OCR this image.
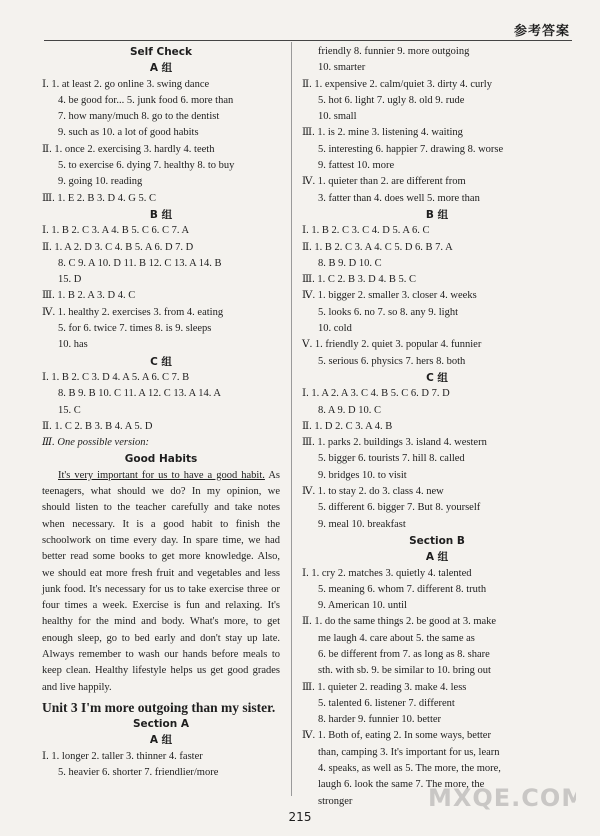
参考答案
Self Check
A 组
Ⅰ. 1. at least 2. go online 3. swing dance
4. be good for... 5. junk food 6. more than
7. how many/much 8. go to the dentist
9. such as 10. a lot of good habits
Ⅱ. 1. once 2. exercising 3. hardly 4. teeth
5. to exercise 6. dying 7. healthy 8. to buy
9. going 10. reading
Ⅲ. 1. E 2. B 3. D 4. G 5. C
B 组
Ⅰ. 1. B 2. C 3. A 4. B 5. C 6. C 7. A
Ⅱ. 1. A 2. D 3. C 4. B 5. A 6. D 7. D
8. C 9. A 10. D 11. B 12. C 13. A 14. B
15. D
Ⅲ. 1. B 2. A 3. D 4. C
Ⅳ. 1. healthy 2. exercises 3. from 4. eating
5. for 6. twice 7. times 8. is 9. sleeps
10. has
C 组
Ⅰ. 1. B 2. C 3. D 4. A 5. A 6. C 7. B
8. B 9. B 10. C 11. A 12. C 13. A 14. A
15. C
Ⅱ. 1. C 2. B 3. B 4. A 5. D
Ⅲ. One possible version:
Good Habits
It's very important for us to have a good habit. As teenagers, what should we do? In my opinion, we should listen to the teacher carefully and take notes when necessary. It is a good habit to finish the schoolwork on time every day. In spare time, we had better read some books to get more knowledge. Also, we should eat more fresh fruit and vegetables and less junk food. It's necessary for us to take exercise three or four times a week. Exercise is fun and relaxing. It's healthy for the mind and body. What's more, to get enough sleep, go to bed early and don't stay up late. Always remember to wash our hands before meals to keep clean. Healthy lifestyle helps us get good grades and live happily.
Unit 3 I'm more outgoing than my sister.
Section A
A 组
Ⅰ. 1. longer 2. taller 3. thinner 4. faster
5. heavier 6. shorter 7. friendlier/more
friendly 8. funnier 9. more outgoing
10. smarter
Ⅱ. 1. expensive 2. calm/quiet 3. dirty 4. curly
5. hot 6. light 7. ugly 8. old 9. rude
10. small
Ⅲ. 1. is 2. mine 3. listening 4. waiting
5. interesting 6. happier 7. drawing 8. worse
9. fattest 10. more
Ⅳ. 1. quieter than 2. are different from
3. fatter than 4. does well 5. more than
B 组
Ⅰ. 1. B 2. C 3. C 4. D 5. A 6. C
Ⅱ. 1. B 2. C 3. A 4. C 5. D 6. B 7. A
8. B 9. D 10. C
Ⅲ. 1. C 2. B 3. D 4. B 5. C
Ⅳ. 1. bigger 2. smaller 3. closer 4. weeks
5. looks 6. no 7. so 8. any 9. light
10. cold
Ⅴ. 1. friendly 2. quiet 3. popular 4. funnier
5. serious 6. physics 7. hers 8. both
C 组
Ⅰ. 1. A 2. A 3. C 4. B 5. C 6. D 7. D
8. A 9. D 10. C
Ⅱ. 1. D 2. C 3. A 4. B
Ⅲ. 1. parks 2. buildings 3. island 4. western
5. bigger 6. tourists 7. hill 8. called
9. bridges 10. to visit
Ⅳ. 1. to stay 2. do 3. class 4. new
5. different 6. bigger 7. But 8. yourself
9. meal 10. breakfast
Section B
A 组
Ⅰ. 1. cry 2. matches 3. quietly 4. talented
5. meaning 6. whom 7. different 8. truth
9. American 10. until
Ⅱ. 1. do the same things 2. be good at 3. make
me laugh 4. care about 5. the same as
6. be different from 7. as long as 8. share
sth. with sb. 9. be similar to 10. bring out
Ⅲ. 1. quieter 2. reading 3. make 4. less
5. talented 6. listener 7. different
8. harder 9. funnier 10. better
Ⅳ. 1. Both of, eating 2. In some ways, better
than, camping 3. It's important for us, learn
4. speaks, as well as 5. The more, the more,
laugh 6. look the same 7. The more, the
stronger
215
MXQE.COM
